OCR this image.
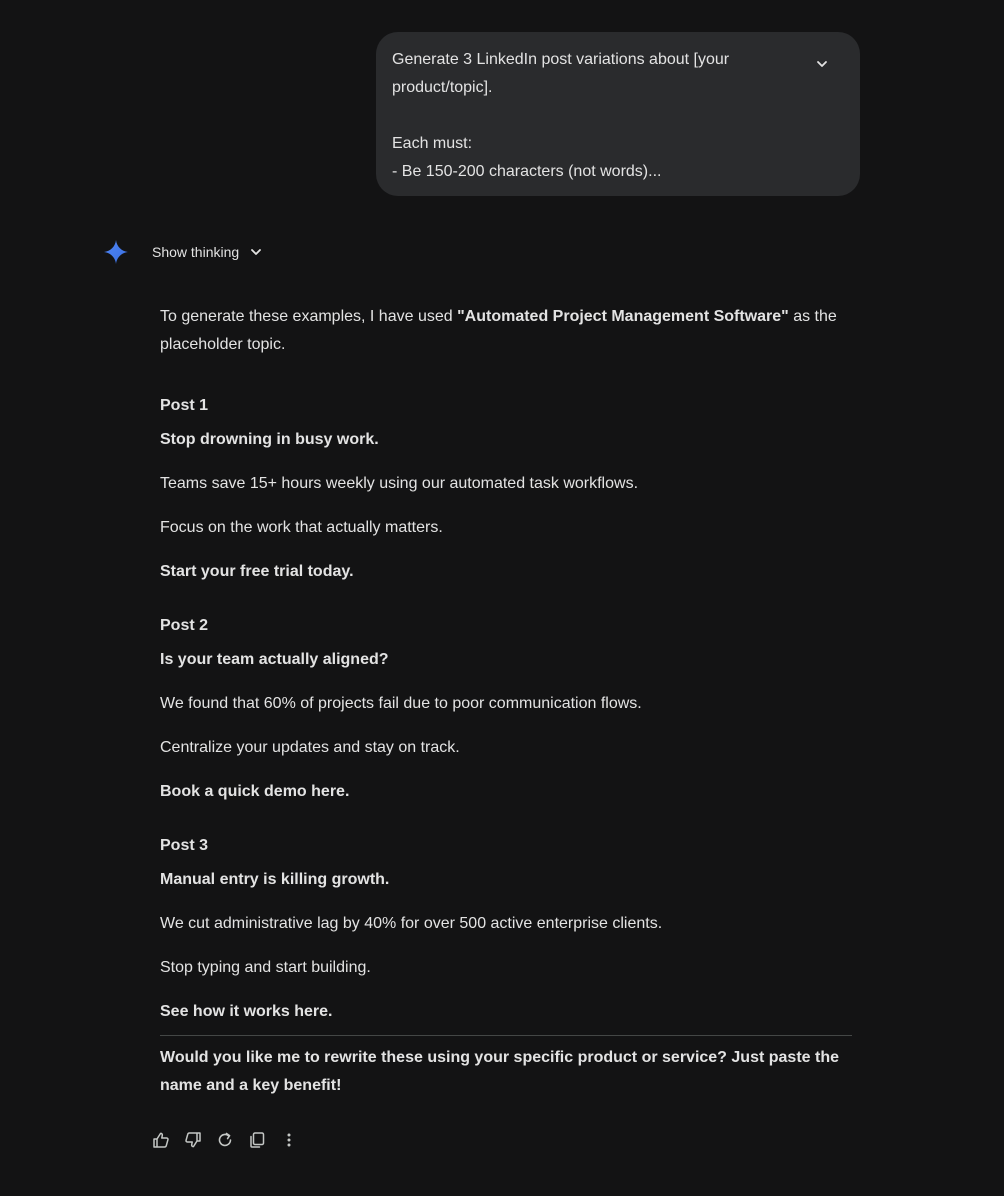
Generate 3 LinkedIn post variations about [your
product/topic].
Each must:
- Be 150-200 characters (not words)...
Show thinking

To generate these examples, I have used "Automated Project Management Software" as the placeholder topic.

Post 1

Stop drowning in busy work.

Teams save 15+ hours weekly using our automated task workflows.

Focus on the work that actually matters.

Start your free trial today.

Post 2

Is your team actually aligned?

We found that 60% of projects fail due to poor communication flows.

Centralize your updates and stay on track.

Book a quick demo here.

Post 3

Manual entry is killing growth.

We cut administrative lag by 40% for over 500 active enterprise clients.

Stop typing and start building.

See how it works here.

Would you like me to rewrite these using your specific product or service? Just paste the name and a key benefit!
